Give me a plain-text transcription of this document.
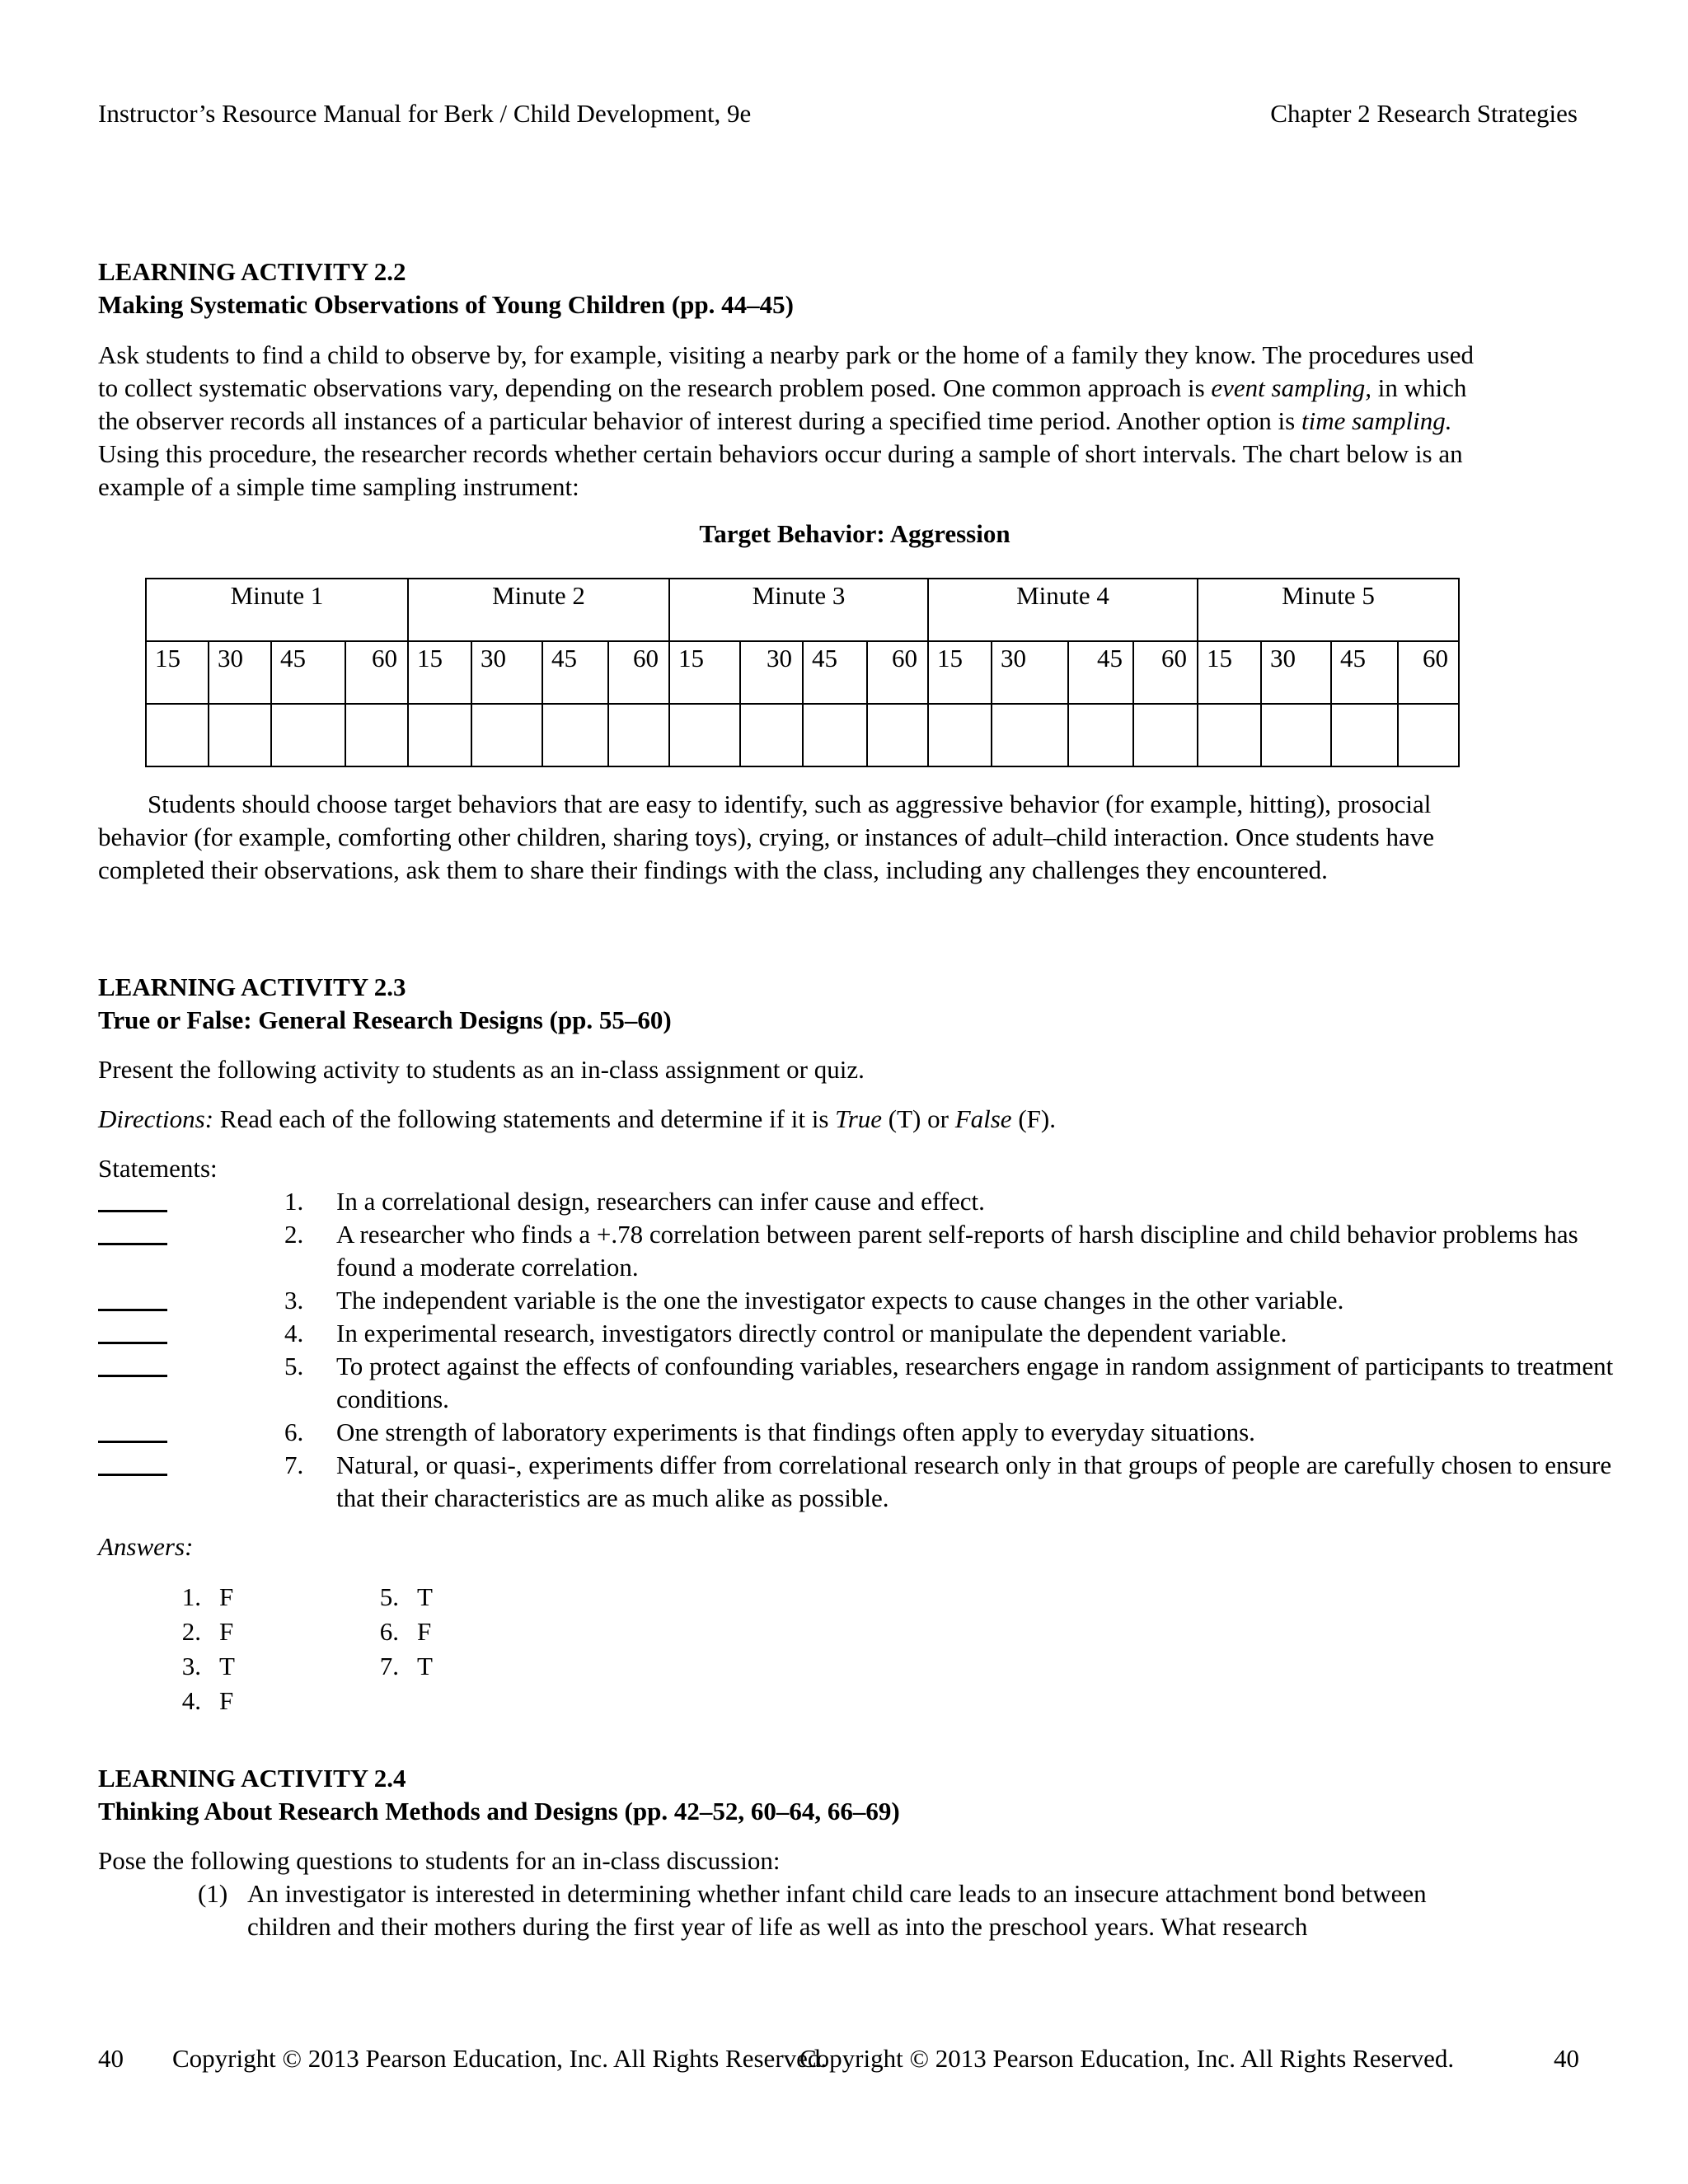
Instructor’s Resource Manual for Berk / Child Development, 9e	Chapter 2 Research Strategies
LEARNING ACTIVITY 2.2
Making Systematic Observations of Young Children (pp. 44–45)

Ask students to find a child to observe by, for example, visiting a nearby park or the home of a family they know. The procedures used to collect systematic observations vary, depending on the research problem posed. One common approach is event sampling, in which the observer records all instances of a particular behavior of interest during a specified time period. Another option is time sampling. Using this procedure, the researcher records whether certain behaviors occur during a sample of short intervals. The chart below is an example of a simple time sampling instrument:

Target Behavior: Aggression
Minute 1				Minute 2				Minute 3				Minute 4				Minute 5			
15	30	45	60	15	30	45	60	15	30	45	60	15	30	45	60	15	30	45	60

Students should choose target behaviors that are easy to identify, such as aggressive behavior (for example, hitting), prosocial behavior (for example, comforting other children, sharing toys), crying, or instances of adult–child interaction. Once students have completed their observations, ask them to share their findings with the class, including any challenges they encountered.

LEARNING ACTIVITY 2.3
True or False: General Research Designs (pp. 55–60)
Present the following activity to students as an in-class assignment or quiz.
Directions: Read each of the following statements and determine if it is True (T) or False (F).
Statements:
1. In a correlational design, researchers can infer cause and effect.
2. A researcher who finds a +.78 correlation between parent self-reports of harsh discipline and child behavior problems has found a moderate correlation.
3. The independent variable is the one the investigator expects to cause changes in the other variable.
4. In experimental research, investigators directly control or manipulate the dependent variable.
5. To protect against the effects of confounding variables, researchers engage in random assignment of participants to treatment conditions.
6. One strength of laboratory experiments is that findings often apply to everyday situations.
7. Natural, or quasi-, experiments differ from correlational research only in that groups of people are carefully chosen to ensure that their characteristics are as much alike as possible.
Answers:
1. F
2. F
3. T
4. F
5. T
6. F
7. T
LEARNING ACTIVITY 2.4
Thinking About Research Methods and Designs (pp. 42–52, 60–64, 66–69)
Pose the following questions to students for an in-class discussion:
(1) An investigator is interested in determining whether infant child care leads to an insecure attachment bond between children and their mothers during the first year of life as well as into the preschool years. What research
40 Copyright © 2013 Pearson Education, Inc. All Rights Reserved.
Copyright © 2013 Pearson Education, Inc. All Rights Reserved.	40
